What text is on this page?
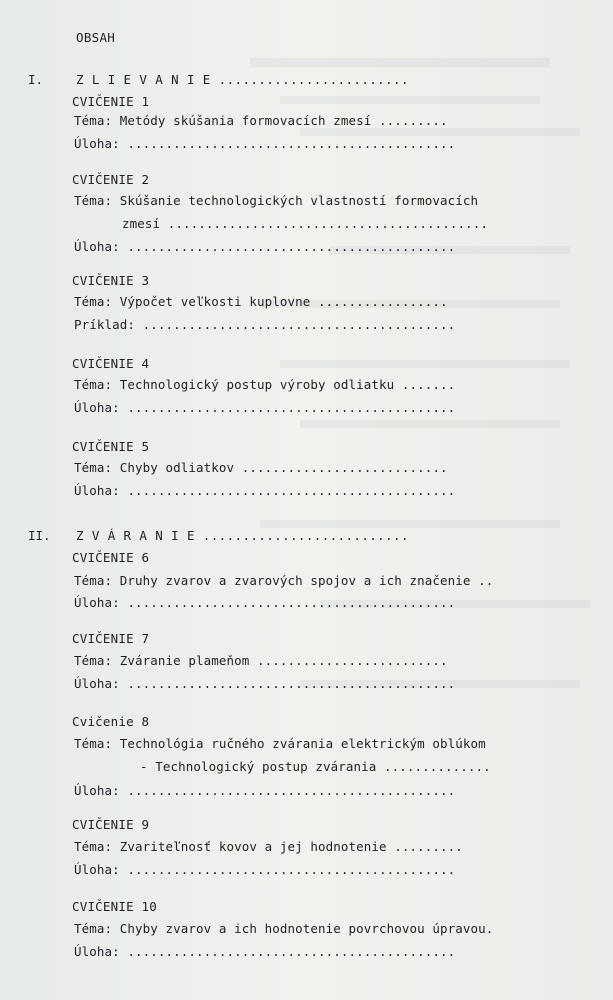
OBSAH
I.	Z L I E V A N I E ........................
CVIČENIE 1
Téma: Metódy skúšania formovacích zmesí .........
Úloha: ...........................................
CVIČENIE 2
Téma: Skúšanie technologických vlastností formovacích
zmesí ..........................................
Úloha: ...........................................
CVIČENIE 3
Téma: Výpočet veľkosti kuplovne .................
Príklad: .........................................
CVIČENIE 4
Téma: Technologický postup výroby odliatku .......
Úloha: ...........................................
CVIČENIE 5
Téma: Chyby odliatkov ...........................
Úloha: ...........................................
II. Z V Á R A N I E ..........................
CVIČENIE 6
Téma: Druhy zvarov a zvarových spojov a ich značenie ..
Úloha: ...........................................
CVIČENIE 7
Téma: Zváranie plameňom .........................
Úloha: ...........................................
Cvičenie 8
Téma: Technológia ručného zvárania elektrickým oblúkom
- Technologický postup zvárania ..............
Úloha: ...........................................
CVIČENIE 9
Téma: Zvariteľnosť kovov a jej hodnotenie .........
Úloha: ...........................................
CVIČENIE 10
Téma: Chyby zvarov a ich hodnotenie povrchovou úpravou.
Úloha: ...........................................
